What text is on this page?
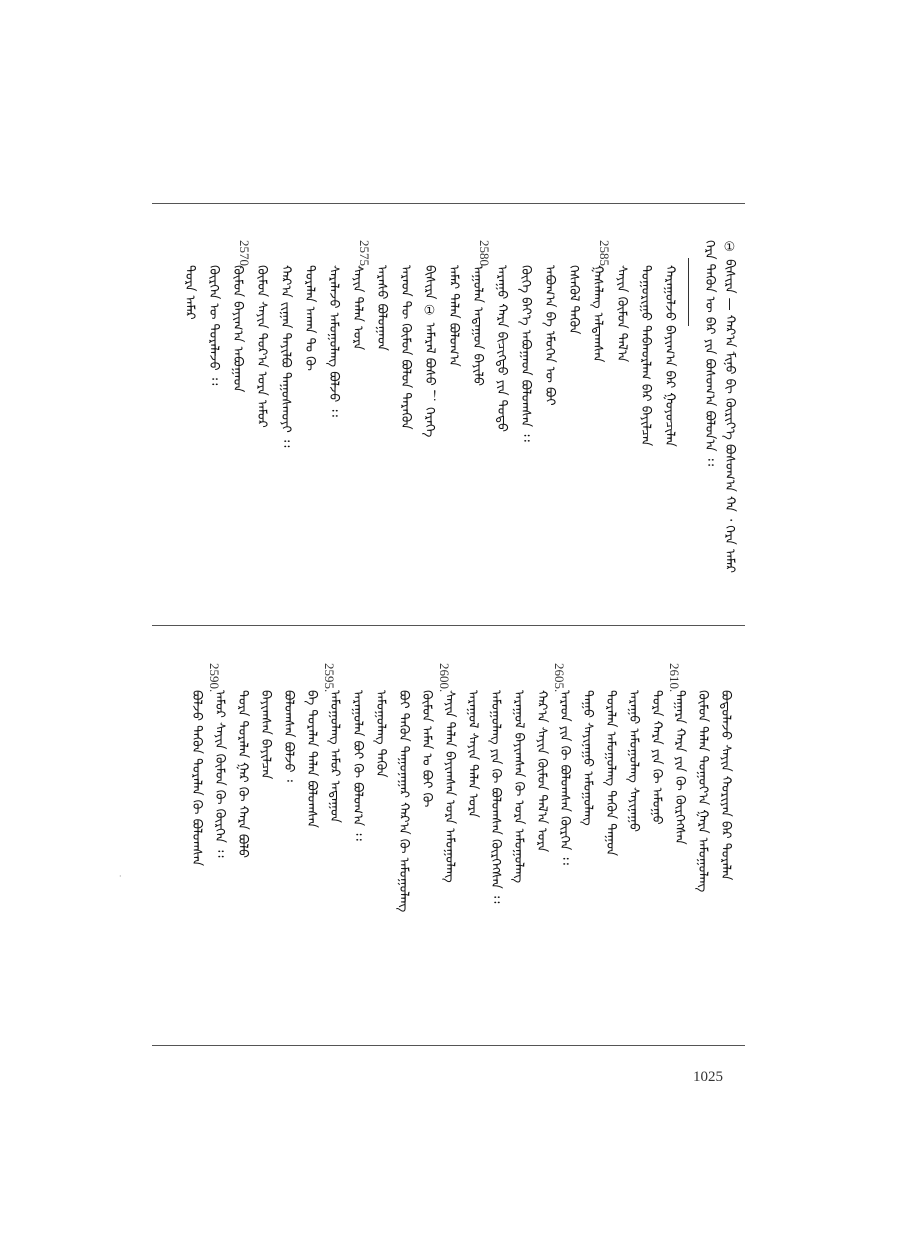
ᠭᠡᠷᠡ ᠲᠡᠭᠦᠨ ᠦ ᠪᠡᠷ ᠶᠢᠨ ᠪᠤᠰᠤᠭ᠎ᠠ ᠪᠣᠯᠤᠨ᠎ᠠ ᠄᠄ ① ᠪᠢᠰᠢᠷᠡ — ᠬᠠᠷ᠎ᠠ ᠮᠢᠨᠦ ᠪᠢ ᠬᠦᠷᠢᠶ᠎ᠡ ᠪᠤᠰᠤᠭ᠎ᠠ ᠬᠠ ᠂ ᠭᠡᠷᠡ ᠠᠮᠠᠷ
ᠬᠠᠷᠠᠭᠤᠯᠵᠤ ᠪᠠᠶᠢᠭ᠎ᠠ ᠪᠠᠷ ᠭᠤᠶᠤᠴᠢᠯᠠᠨ
ᠲᠣᠭᠤᠷᠢᠭᠤ ᠳᠠᠪᠬᠤᠷᠯᠠᠭ ᠪᠠᠷ ᠪᠠᠶᠢᠯᠴᠠᠨ
ᠰᠠᠶᠢᠨ ᠬᠦᠮᠦᠨ ᠲᠠᠯ᠎ᠠ
ᠭᠠᠰᠠᠯᠠᠩ ᠠᠯᠳᠠᠭᠰᠠᠨ
2585.
ᠭᠡᠰᠡᠭᠦᠯ ᠲᠡᠭᠦᠨ
ᠠᠪᠤᠭ᠎ᠠ ᠪᠠ ᠡᠮᠦᠭᠡᠨ ᠦ ᠪᠤᠢ
ᠬᠦᠬᠡ ᠪᠡᠶ᠎ᠡ ᠠᠪᠤᠭᠠᠳ ᠪᠣᠯᠤᠭᠰᠠᠨ ᠄᠄
ᠠᠷᠠᠭᠤ ᠬᠠᠷᠠ ᠪᠢᠴᠢᠭᠲᠦ ᠶᠢᠨ ᠳᠤᠲᠤ
ᠠᠭᠤᠯᠠᠨ ᠠᠳᠠᠭᠤᠨ ᠪᠠᠶᠢᠯᠤ
2580.
ᠠᠮᠠᠷ ᠲᠠᠯᠠᠨ ᠪᠣᠯᠤᠭ᠎ᠠ
ᠪᠢᠰᠢᠷᠡ ① ᠠᠮᠠᠷᠠᠯ ᠪᠤᠰᠤ ！ ᠭᠡᠷᠡᠭᠡ
ᠠᠷᠠᠳ ᠲᠦ ᠬᠦᠮᠦᠨ ᠪᠤᠯᠤᠨ ᠲᠡᠷᠡᠭᠦᠨ
ᠠᠷᠠᠰᠤ ᠪᠤᠯᠤᠭᠠᠳ
ᠰᠠᠶᠢᠨ ᠲᠠᠯᠠᠨ ᠤᠷᠠ
2575.
ᠰᠠᠷᠠᠯᠠᠵᠤ ᠠᠮᠤᠭᠤᠯᠠᠩ ᠪᠣᠯᠵᠤ ᠄᠄
ᠳᠤᠷᠠᠯᠠᠨ ᠠᠬᠠᠨ ᠲᠤ ᠬᠦ
ᠬᠠᠷ᠎ᠠ ᠵᠢᠭᠠᠨ ᠲᠠᠶᠢᠯᠪᠤ ᠳᠠᠭᠤᠰᠬᠤᠶᠢ ᠄᠄
ᠬᠦᠮᠦᠨ ᠰᠠᠶᠢᠨ ᠳᠣᠷ᠎ᠠ ᠤᠷᠠ ᠠᠮᠤᠷ
ᠬᠦᠮᠦᠨ ᠪᠠᠶᠢᠭ᠎ᠠ ᠠᠪᠤᠭᠠᠳ
2570.
ᠬᠦᠷᠬᠡᠨ ᠦ ᠳᠤᠷᠠᠯᠠᠵᠤ ᠄᠄
ᠳᠤᠷᠠ ᠠᠮᠠᠷ
ᠪᠣᠳᠤᠯᠠᠵᠤ ᠰᠠᠶᠢᠨ ᠬᠤᠷᠢᠶᠠᠨ ᠪᠠᠷ ᠳᠤᠷᠠᠯᠠᠨ
ᠬᠦᠮᠦᠨ ᠲᠠᠯᠠᠨ ᠳᠤᠭᠤᠶ᠎ᠠ ᠭᠠᠷᠠ ᠠᠮᠤᠭᠤᠯᠠᠩ
ᠳᠠᠭᠠᠷᠠ ᠬᠠᠷᠠ ᠶᠢᠨ ᠬᠦ ᠬᠦᠷᠭᠡᠭᠰᠡᠨ
2610.
ᠳᠤᠷᠠ ᠬᠠᠷᠠ ᠶᠢᠨ ᠬᠦ ᠠᠮᠤᠭᠤ
ᠠᠷᠠᠭᠤ ᠠᠮᠤᠭᠤᠯᠠᠩ ᠰᠠᠶᠢᠨᠠᠭᠤ
ᠲᠤᠷᠠᠯᠠᠨ ᠠᠮᠤᠭᠤᠯᠠᠩ ᠲᠡᠭᠦᠨ ᠳᠠᠭᠤᠨ
ᠲᠠᠭᠤ ᠰᠠᠶᠢᠨᠠᠭᠤ ᠠᠮᠤᠭᠤᠯᠠᠩ
ᠠᠷᠠᠳ ᠶᠢᠨ ᠬᠦ ᠪᠤᠯᠤᠭᠰᠠᠨ ᠬᠦᠷᠭᠡᠨ ᠄᠄
2605.
ᠬᠠᠷ᠎ᠠ ᠰᠠᠶᠢᠨ ᠬᠦᠮᠦᠨ ᠲᠠᠯ᠎ᠠ ᠤᠷᠠ
ᠠᠷᠠᠭᠤᠯ ᠪᠠᠶᠢᠭᠰᠠᠨ ᠬᠦ ᠤᠷᠠ ᠠᠮᠤᠭᠤᠯᠠᠩ
ᠠᠮᠤᠭᠤᠯᠠᠩ ᠶᠢᠨ ᠬᠦ ᠪᠤᠯᠤᠭᠰᠠᠨ ᠬᠦᠷᠭᠡᠭᠰᠡᠨ ᠄᠄
ᠠᠷᠠᠭᠤᠯ ᠰᠠᠶᠢᠨ ᠲᠠᠯᠠᠨ ᠤᠷᠠ
ᠰᠠᠶᠢᠨ ᠲᠠᠯᠠᠨ ᠪᠠᠶᠢᠭᠰᠠᠨ ᠤᠷᠠ ᠠᠮᠤᠭᠤᠯᠠᠩ
2600.
ᠬᠦᠮᠦᠨ ᠠᠮᠠᠨ ᠤ ᠪᠤᠢ ᠬᠦ
ᠪᠤᠢ ᠲᠡᠭᠦᠨ ᠳᠠᠭᠤᠨᠠᠭᠠᠷ ᠬᠠᠷ᠎ᠠ ᠬᠦ ᠠᠮᠤᠭᠤᠯᠠᠩ
ᠠᠮᠤᠭᠤᠯᠠᠩ ᠲᠡᠭᠦᠨ
ᠠᠷᠠᠭᠤᠯᠠᠨ ᠪᠤᠢ ᠬᠦ ᠪᠤᠯᠤᠭ᠎ᠠ ᠄᠄
ᠠᠮᠤᠭᠤᠯᠠᠩ ᠠᠮᠤᠷ ᠠᠳᠠᠭᠤᠨ
2595.
ᠪᠠ ᠳᠤᠷᠠᠯᠠᠨ ᠲᠠᠯᠠᠨ ᠪᠤᠯᠤᠭᠰᠠᠨ
ᠪᠤᠯᠤᠭᠰᠠᠨ ᠪᠣᠯᠵᠤ ᠄
ᠪᠠᠶᠢᠭᠰᠠᠨ ᠪᠠᠶᠢᠯᠴᠠᠨ
ᠲᠤᠷᠠ ᠲᠤᠷᠠᠯᠠᠨ ᠭᠠᠷ ᠬᠦ ᠬᠠᠷᠠ ᠪᠤᠯᠤ
ᠠᠮᠤᠷ ᠰᠠᠶᠢᠨ ᠬᠦᠮᠦᠨ ᠬᠦ ᠬᠦᠷᠭᠡᠨ ᠄᠄
2590.
ᠪᠣᠯᠵᠤ ᠲᠡᠭᠦᠨ ᠲᠤᠷᠠᠯᠠᠨ ᠬᠦ ᠪᠤᠯᠤᠭᠰᠠᠨ
1025
·
